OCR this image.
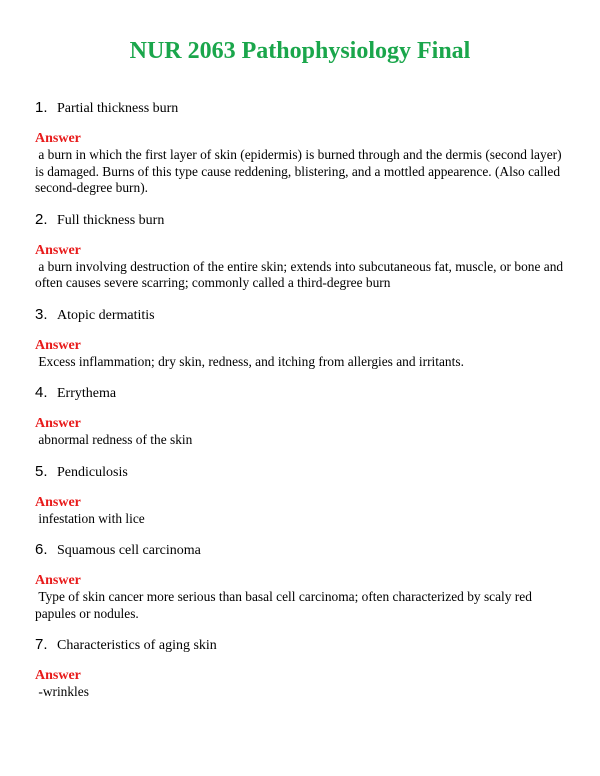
NUR 2063 Pathophysiology Final
1. Partial thickness burn
Answer
a burn in which the first layer of skin (epidermis) is burned through and the dermis (second layer) is damaged. Burns of this type cause reddening, blistering, and a mottled appearence. (Also called second-degree burn).
2. Full thickness burn
Answer
a burn involving destruction of the entire skin; extends into subcutaneous fat, muscle, or bone and often causes severe scarring; commonly called a third-degree burn
3. Atopic dermatitis
Answer
Excess inflammation; dry skin, redness, and itching from allergies and irritants.
4. Errythema
Answer
abnormal redness of the skin
5. Pendiculosis
Answer
infestation with lice
6. Squamous cell carcinoma
Answer
Type of skin cancer more serious than basal cell carcinoma; often characterized by scaly red papules or nodules.
7. Characteristics of aging skin
Answer
-wrinkles
